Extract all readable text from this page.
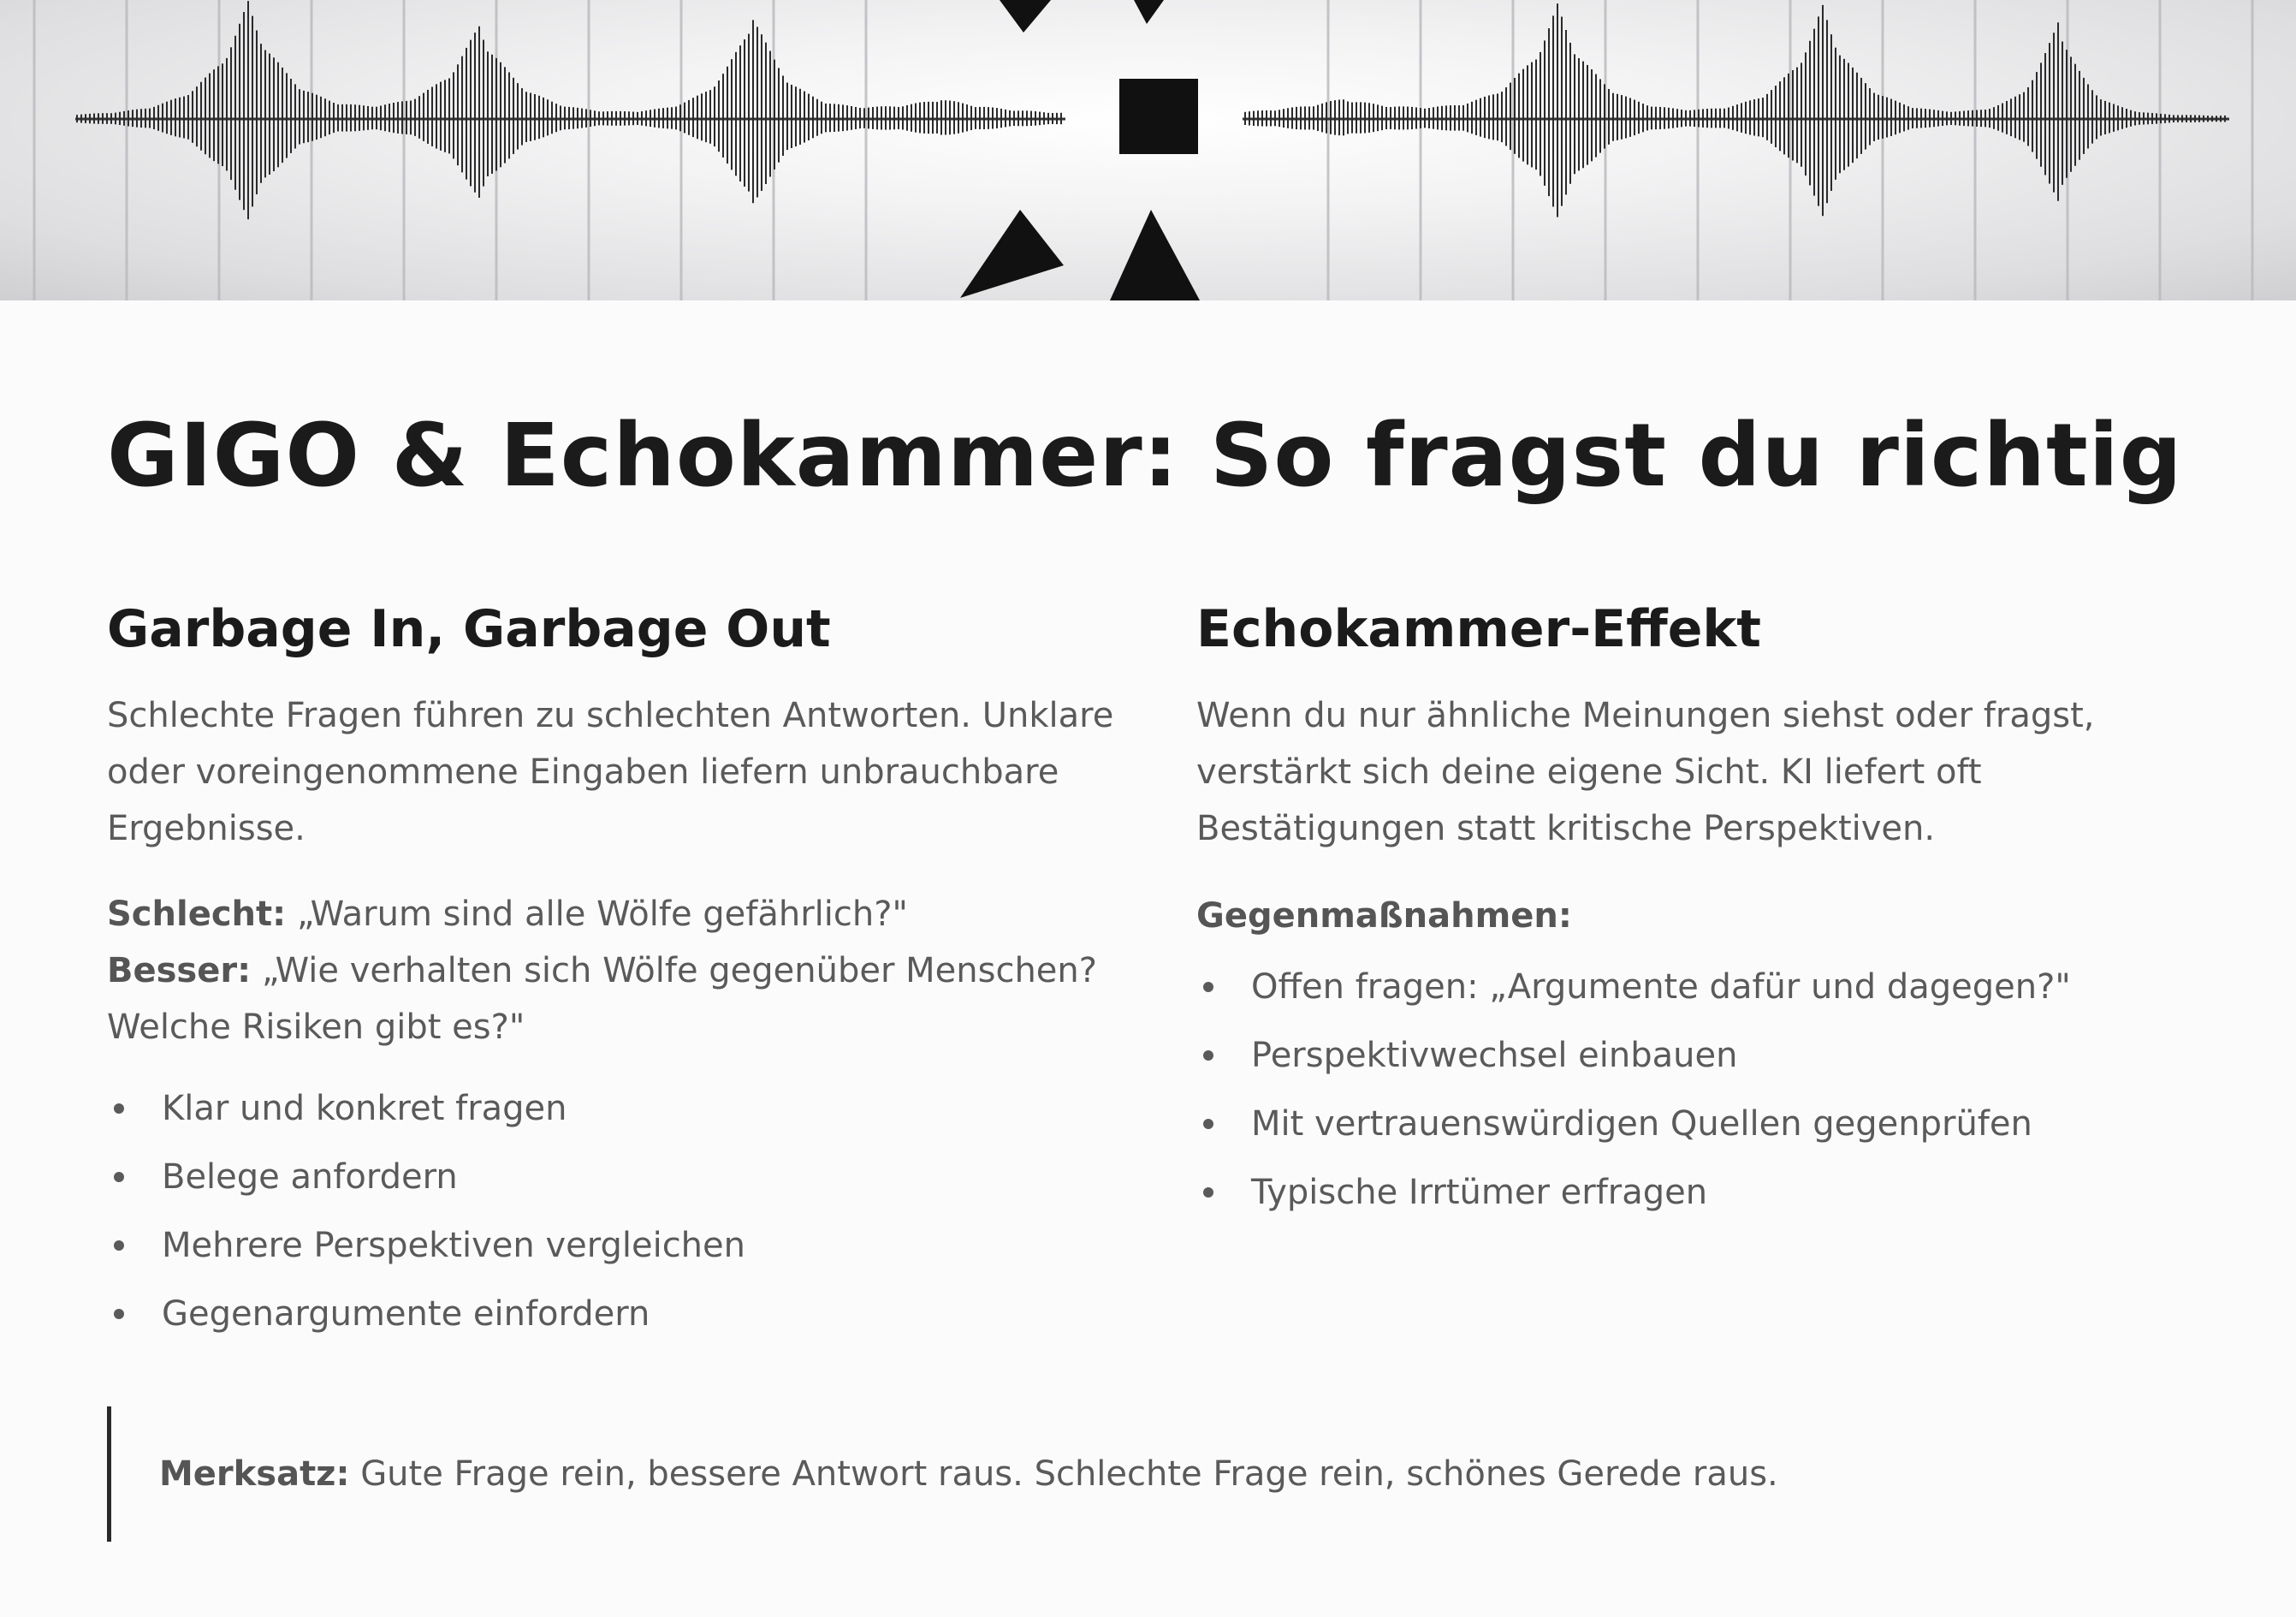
GIGO & Echokammer: So fragst du richtig
Garbage In, Garbage Out

Schlechte Fragen führen zu schlechten Antworten. Unklare oder voreingenommene Eingaben liefern unbrauchbare Ergebnisse.

Schlecht: „Warum sind alle Wölfe gefährlich?"
Besser: „Wie verhalten sich Wölfe gegenüber Menschen? Welche Risiken gibt es?"
Klar und konkret fragen
Belege anfordern
Mehrere Perspektiven vergleichen
Gegenargumente einfordern
Echokammer-Effekt

Wenn du nur ähnliche Meinungen siehst oder fragst, verstärkt sich deine eigene Sicht. KI liefert oft Bestätigungen statt kritische Perspektiven.

Gegenmaßnahmen:
Offen fragen: „Argumente dafür und dagegen?"
Perspektivwechsel einbauen
Mit vertrauenswürdigen Quellen gegenprüfen
Typische Irrtümer erfragen

Merksatz: Gute Frage rein, bessere Antwort raus. Schlechte Frage rein, schönes Gerede raus.
